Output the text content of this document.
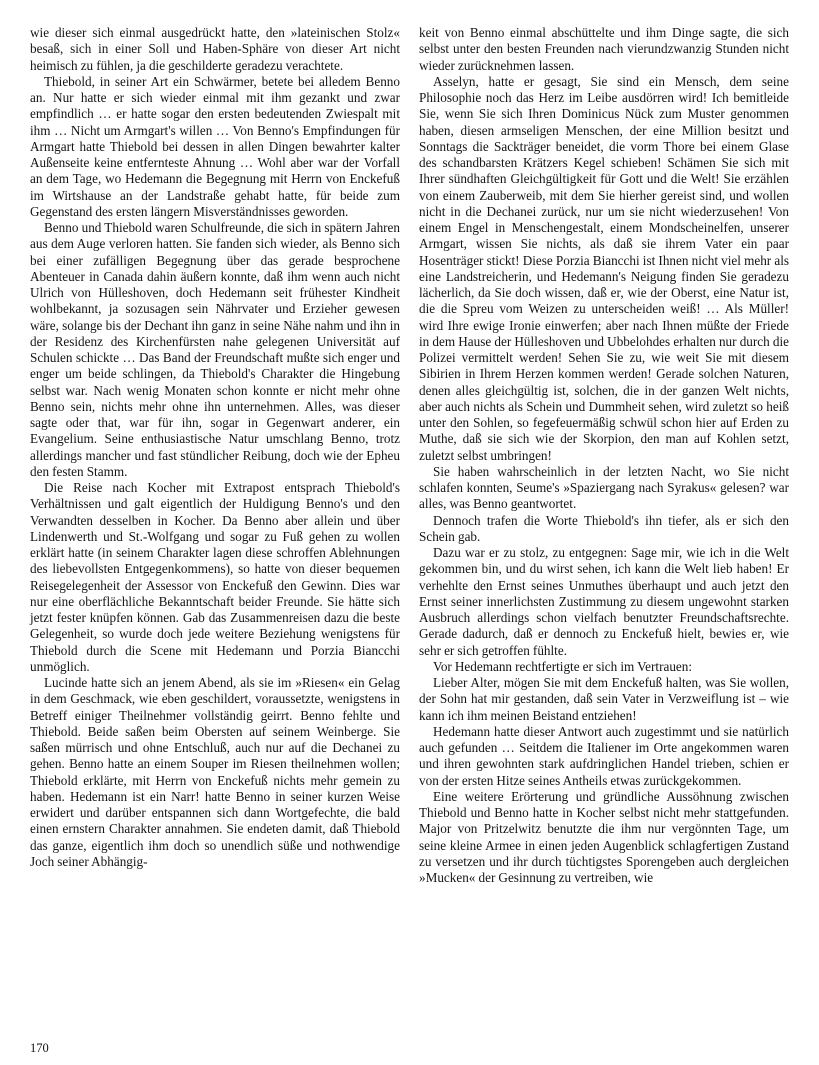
wie dieser sich einmal ausgedrückt hatte, den »lateinischen Stolz« besaß, sich in einer Soll und Haben-Sphäre von dieser Art nicht heimisch zu fühlen, ja die geschilderte geradezu verachtete.

Thiebold, in seiner Art ein Schwärmer, betete bei alledem Benno an. Nur hatte er sich wieder einmal mit ihm gezankt und zwar empfindlich … er hatte sogar den ersten bedeutenden Zwiespalt mit ihm … Nicht um Armgart's willen … Von Benno's Empfindungen für Armgart hatte Thiebold bei dessen in allen Dingen bewahrter kalter Außenseite keine entfernteste Ahnung … Wohl aber war der Vorfall an dem Tage, wo Hedemann die Begegnung mit Herrn von Enckefuß im Wirtshause an der Landstraße gehabt hatte, für beide zum Gegenstand des ersten längern Misverständnisses geworden.

Benno und Thiebold waren Schulfreunde, die sich in spätern Jahren aus dem Auge verloren hatten. Sie fanden sich wieder, als Benno sich bei einer zufälligen Begegnung über das gerade besprochene Abenteuer in Canada dahin äußern konnte, daß ihm wenn auch nicht Ulrich von Hülleshoven, doch Hedemann seit frühester Kindheit wohlbekannt, ja sozusagen sein Nährvater und Erzieher gewesen wäre, solange bis der Dechant ihn ganz in seine Nähe nahm und ihn in der Residenz des Kirchenfürsten nahe gelegenen Universität auf Schulen schickte … Das Band der Freundschaft mußte sich enger und enger um beide schlingen, da Thiebold's Charakter die Hingebung selbst war. Nach wenig Monaten schon konnte er nicht mehr ohne Benno sein, nichts mehr ohne ihn unternehmen. Alles, was dieser sagte oder that, war für ihn, sogar in Gegenwart anderer, ein Evangelium. Seine enthusiastische Natur umschlang Benno, trotz allerdings mancher und fast stündlicher Reibung, doch wie der Epheu den festen Stamm.

Die Reise nach Kocher mit Extrapost entsprach Thiebold's Verhältnissen und galt eigentlich der Huldigung Benno's und den Verwandten desselben in Kocher. Da Benno aber allein und über Lindenwerth und St.-Wolfgang und sogar zu Fuß gehen zu wollen erklärt hatte (in seinem Charakter lagen diese schroffen Ablehnungen des liebevollsten Entgegenkommens), so hatte von dieser bequemen Reisegelegenheit der Assessor von Enckefuß den Gewinn. Dies war nur eine oberflächliche Bekanntschaft beider Freunde. Sie hätte sich jetzt fester knüpfen können. Gab das Zusammenreisen dazu die beste Gelegenheit, so wurde doch jede weitere Beziehung wenigstens für Thiebold durch die Scene mit Hedemann und Porzia Biancchi unmöglich.

Lucinde hatte sich an jenem Abend, als sie im »Riesen« ein Gelag in dem Geschmack, wie eben geschildert, voraussetzte, wenigstens in Betreff einiger Theilnehmer vollständig geirrt. Benno fehlte und Thiebold. Beide saßen beim Obersten auf seinem Weinberge. Sie saßen mürrisch und ohne Entschluß, auch nur auf die Dechanei zu gehen. Benno hatte an einem Souper im Riesen theilnehmen wollen; Thiebold erklärte, mit Herrn von Enckefuß nichts mehr gemein zu haben. Hedemann ist ein Narr! hatte Benno in seiner kurzen Weise erwidert und darüber entspannen sich dann Wortgefechte, die bald einen ernstern Charakter annahmen. Sie endeten damit, daß Thiebold das ganze, eigentlich ihm doch so unendlich süße und nothwendige Joch seiner Abhängig-

keit von Benno einmal abschüttelte und ihm Dinge sagte, die sich selbst unter den besten Freunden nach vierundzwanzig Stunden nicht wieder zurücknehmen lassen.

Asselyn, hatte er gesagt, Sie sind ein Mensch, dem seine Philosophie noch das Herz im Leibe ausdörren wird! Ich bemitleide Sie, wenn Sie sich Ihren Dominicus Nück zum Muster genommen haben, diesen armseligen Menschen, der eine Million besitzt und Sonntags die Sackträger beneidet, die vorm Thore bei einem Glase des schandbarsten Krätzers Kegel schieben! Schämen Sie sich mit Ihrer sündhaften Gleichgültigkeit für Gott und die Welt! Sie erzählen von einem Zauberweib, mit dem Sie hierher gereist sind, und wollen nicht in die Dechanei zurück, nur um sie nicht wiederzusehen! Von einem Engel in Menschengestalt, einem Mondscheinelfen, unserer Armgart, wissen Sie nichts, als daß sie ihrem Vater ein paar Hosenträger stickt! Diese Porzia Biancchi ist Ihnen nicht viel mehr als eine Landstreicherin, und Hedemann's Neigung finden Sie geradezu lächerlich, da Sie doch wissen, daß er, wie der Oberst, eine Natur ist, die die Spreu vom Weizen zu unterscheiden weiß! … Als Müller! wird Ihre ewige Ironie einwerfen; aber nach Ihnen müßte der Friede in dem Hause der Hülleshoven und Ubbelohdes erhalten nur durch die Polizei vermittelt werden! Sehen Sie zu, wie weit Sie mit diesem Sibirien in Ihrem Herzen kommen werden! Gerade solchen Naturen, denen alles gleichgültig ist, solchen, die in der ganzen Welt nichts, aber auch nichts als Schein und Dummheit sehen, wird zuletzt so heiß unter den Sohlen, so fegefeuermäßig schwül schon hier auf Erden zu Muthe, daß sie sich wie der Skorpion, den man auf Kohlen setzt, zuletzt selbst umbringen!

Sie haben wahrscheinlich in der letzten Nacht, wo Sie nicht schlafen konnten, Seume's »Spaziergang nach Syrakus« gelesen? war alles, was Benno geantwortet.

Dennoch trafen die Worte Thiebold's ihn tiefer, als er sich den Schein gab.

Dazu war er zu stolz, zu entgegnen: Sage mir, wie ich in die Welt gekommen bin, und du wirst sehen, ich kann die Welt lieb haben! Er verhehlte den Ernst seines Unmuthes überhaupt und auch jetzt den Ernst seiner innerlichsten Zustimmung zu diesem ungewohnt starken Ausbruch allerdings schon vielfach benutzter Freundschaftsrechte. Gerade dadurch, daß er dennoch zu Enckefuß hielt, bewies er, wie sehr er sich getroffen fühlte.

Vor Hedemann rechtfertigte er sich im Vertrauen:

Lieber Alter, mögen Sie mit dem Enckefuß halten, was Sie wollen, der Sohn hat mir gestanden, daß sein Vater in Verzweiflung ist – wie kann ich ihm meinen Beistand entziehen!

Hedemann hatte dieser Antwort auch zugestimmt und sie natürlich auch gefunden … Seitdem die Italiener im Orte angekommen waren und ihren gewohnten stark aufdringlichen Handel trieben, schien er von der ersten Hitze seines Antheils etwas zurückgekommen.

Eine weitere Erörterung und gründliche Aussöhnung zwischen Thiebold und Benno hatte in Kocher selbst nicht mehr stattgefunden. Major von Pritzelwitz benutzte die ihm nur vergönnten Tage, um seine kleine Armee in einen jeden Augenblick schlagfertigen Zustand zu versetzen und ihr durch tüchtigstes Sporengeben auch dergleichen »Mucken« der Gesinnung zu vertreiben, wie

170
